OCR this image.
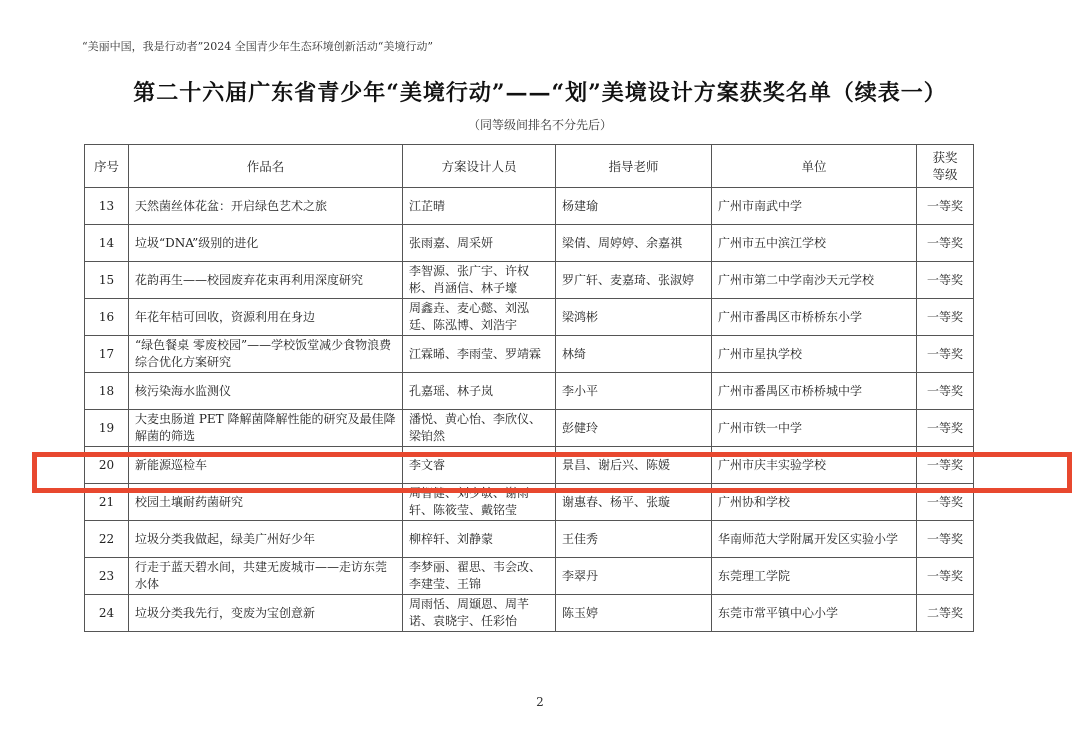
“美丽中国，我是行动者”2024 全国青少年生态环境创新活动“美境行动”
第二十六届广东省青少年“美境行动”——“划”美境设计方案获奖名单（续表一）
（同等级间排名不分先后）
序号	作品名	方案设计人员	指导老师	单位	获奖
等级

13	天然菌丝体花盆：开启绿色艺术之旅	江芷晴	杨建瑜	广州市南武中学	一等奖
14	垃圾“DNA”级别的进化	张雨嘉、周采妍	梁倩、周婷婷、余嘉祺	广州市五中滨江学校	一等奖
15	花韵再生——校园废弃花束再利用深度研究	李智源、张广宇、许权彬、肖涵信、林子壕	罗广轩、麦嘉琦、张淑婷	广州市第二中学南沙天元学校	一等奖
16	年花年桔可回收，资源利用在身边	周鑫垚、麦心懿、刘泓廷、陈泓博、刘浩宇	梁鸿彬	广州市番禺区市桥桥东小学	一等奖
17	“绿色餐桌 零废校园”——学校饭堂减少食物浪费综合优化方案研究	江霖晞、李雨莹、罗靖霖	林绮	广州市星执学校	一等奖
18	核污染海水监测仪	孔嘉瑶、林子岚	李小平	广州市番禺区市桥桥城中学	一等奖
19	大麦虫肠道 PET 降解菌降解性能的研究及最佳降解菌的筛选	潘悦、黄心怡、李欣仪、梁铂然	彭健玲	广州市铁一中学	一等奖
20	新能源巡检车	李文睿	景昌、谢后兴、陈媛	广州市庆丰实验学校	一等奖
21	校园土壤耐药菌研究	周智健、刘少敏、谢雨轩、陈筱莹、戴铭莹	谢惠春、杨平、张璇	广州协和学校	一等奖
22	垃圾分类我做起，绿美广州好少年	柳梓轩、刘静蒙	王佳秀	华南师范大学附属开发区实验小学	一等奖
23	行走于蓝天碧水间，共建无废城市——走访东莞水体	李梦丽、翟思、韦会改、李建莹、王锦	李翠丹	东莞理工学院	一等奖
24	垃圾分类我先行，变废为宝创意新	周雨恬、周颋恩、周芊诺、袁晓宇、任彩怡	陈玉婷	东莞市常平镇中心小学	二等奖
2
